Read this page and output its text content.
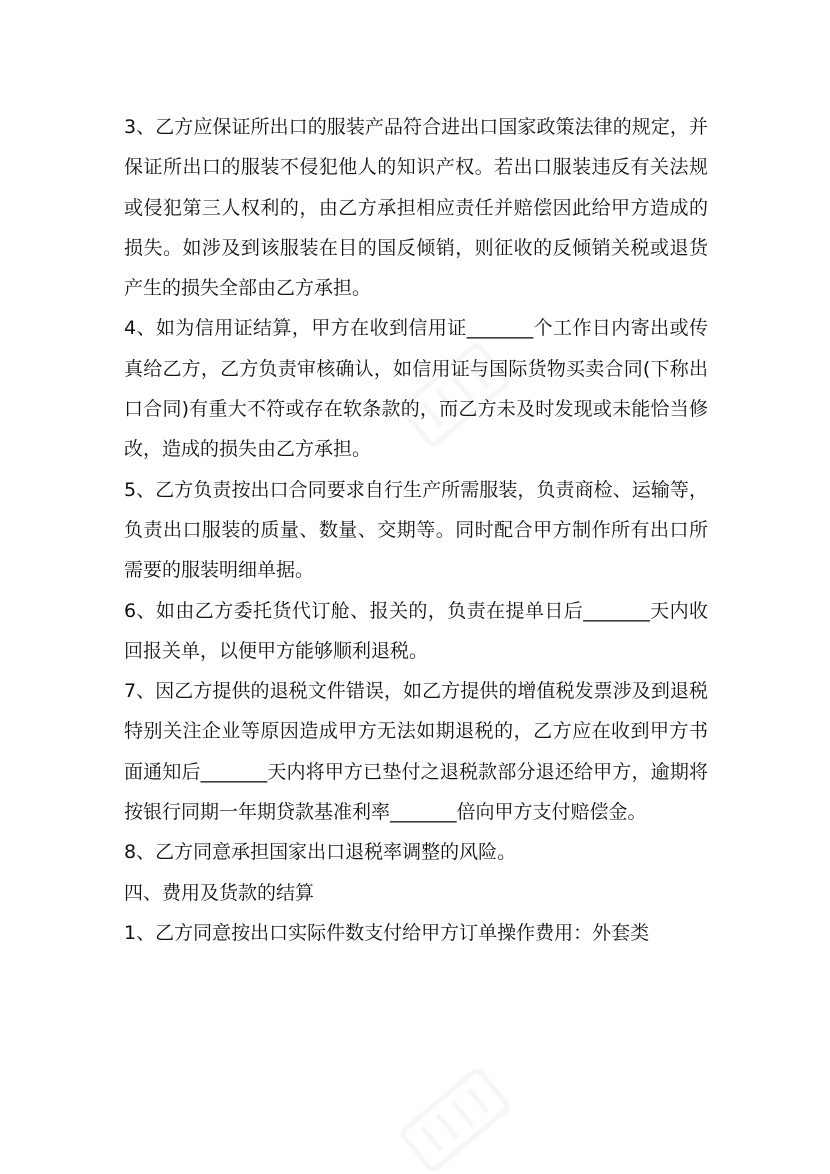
3、乙方应保证所出口的服装产品符合进出口国家政策法律的规定，并保证所出口的服装不侵犯他人的知识产权。若出口服装违反有关法规或侵犯第三人权利的，由乙方承担相应责任并赔偿因此给甲方造成的损失。如涉及到该服装在目的国反倾销，则征收的反倾销关税或退货产生的损失全部由乙方承担。

4、如为信用证结算，甲方在收到信用证_______个工作日内寄出或传真给乙方，乙方负责审核确认，如信用证与国际货物买卖合同(下称出口合同)有重大不符或存在软条款的，而乙方未及时发现或未能恰当修改，造成的损失由乙方承担。

5、乙方负责按出口合同要求自行生产所需服装，负责商检、运输等，负责出口服装的质量、数量、交期等。同时配合甲方制作所有出口所需要的服装明细单据。

6、如由乙方委托货代订舱、报关的，负责在提单日后_______天内收回报关单，以便甲方能够顺利退税。

7、因乙方提供的退税文件错误，如乙方提供的增值税发票涉及到退税特别关注企业等原因造成甲方无法如期退税的，乙方应在收到甲方书面通知后_______天内将甲方已垫付之退税款部分退还给甲方，逾期将按银行同期一年期贷款基准利率_______倍向甲方支付赔偿金。

8、乙方同意承担国家出口退税率调整的风险。

四、费用及货款的结算

1、乙方同意按出口实际件数支付给甲方订单操作费用：外套类
